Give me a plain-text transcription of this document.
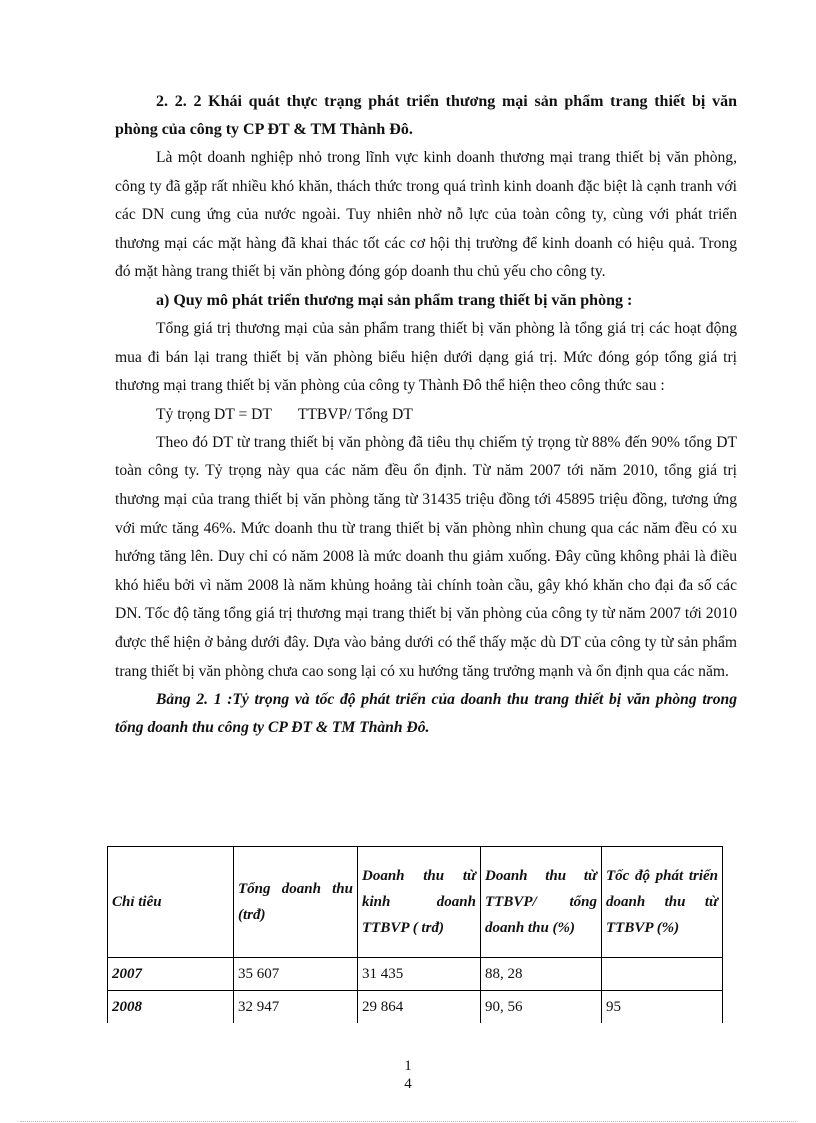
2. 2. 2 Khái quát thực trạng phát triển thương mại sản phẩm trang thiết bị văn phòng của công ty CP ĐT & TM Thành Đô.

Là một doanh nghiệp nhỏ trong lĩnh vực kinh doanh thương mại trang thiết bị văn phòng, công ty đã gặp rất nhiều khó khăn, thách thức trong quá trình kinh doanh đặc biệt là cạnh tranh với các DN cung ứng của nước ngoài. Tuy nhiên nhờ nỗ lực của toàn công ty, cùng với phát triển thương mại các mặt hàng đã khai thác tốt các cơ hội thị trường để kinh doanh có hiệu quả. Trong đó mặt hàng trang thiết bị văn phòng đóng góp doanh thu chủ yếu cho công ty.

a) Quy mô phát triển thương mại sản phẩm trang thiết bị văn phòng :

Tổng giá trị thương mại của sản phẩm trang thiết bị văn phòng là tổng giá trị các hoạt động mua đi bán lại trang thiết bị văn phòng biểu hiện dưới dạng giá trị. Mức đóng góp tổng giá trị thương mại trang thiết bị văn phòng của công ty Thành Đô thể hiện theo công thức sau :

Tỷ trọng DT = DT TTBVP/ Tổng DT

Theo đó DT từ trang thiết bị văn phòng đã tiêu thụ chiếm tỷ trọng từ 88% đến 90% tổng DT toàn công ty. Tỷ trọng này qua các năm đều ổn định. Từ năm 2007 tới năm 2010, tổng giá trị thương mại của trang thiết bị văn phòng tăng từ 31435 triệu đồng tới 45895 triệu đồng, tương ứng với mức tăng 46%. Mức doanh thu từ trang thiết bị văn phòng nhìn chung qua các năm đều có xu hướng tăng lên. Duy chỉ có năm 2008 là mức doanh thu giảm xuống. Đây cũng không phải là điều khó hiểu bởi vì năm 2008 là năm khủng hoảng tài chính toàn cầu, gây khó khăn cho đại đa số các DN. Tốc độ tăng tổng giá trị thương mại trang thiết bị văn phòng của công ty từ năm 2007 tới 2010 được thể hiện ở bảng dưới đây. Dựa vào bảng dưới có thể thấy mặc dù DT của công ty từ sản phẩm trang thiết bị văn phòng chưa cao song lại có xu hướng tăng trưởng mạnh và ổn định qua các năm.

Bảng 2. 1 :Tỷ trọng và tốc độ phát triển của doanh thu trang thiết bị văn phòng trong tổng doanh thu công ty CP ĐT & TM Thành Đô.

Chỉ tiêu	Tổng doanh thu (trđ)	Doanh thu từ kinh doanh TTBVP ( trđ)	Doanh thu từ TTBVP/ tổng doanh thu (%)	Tốc độ phát triển doanh thu từ TTBVP (%)
2007	35 607	31 435	88, 28	
2008	32 947	29 864	90, 56	95
1
4
